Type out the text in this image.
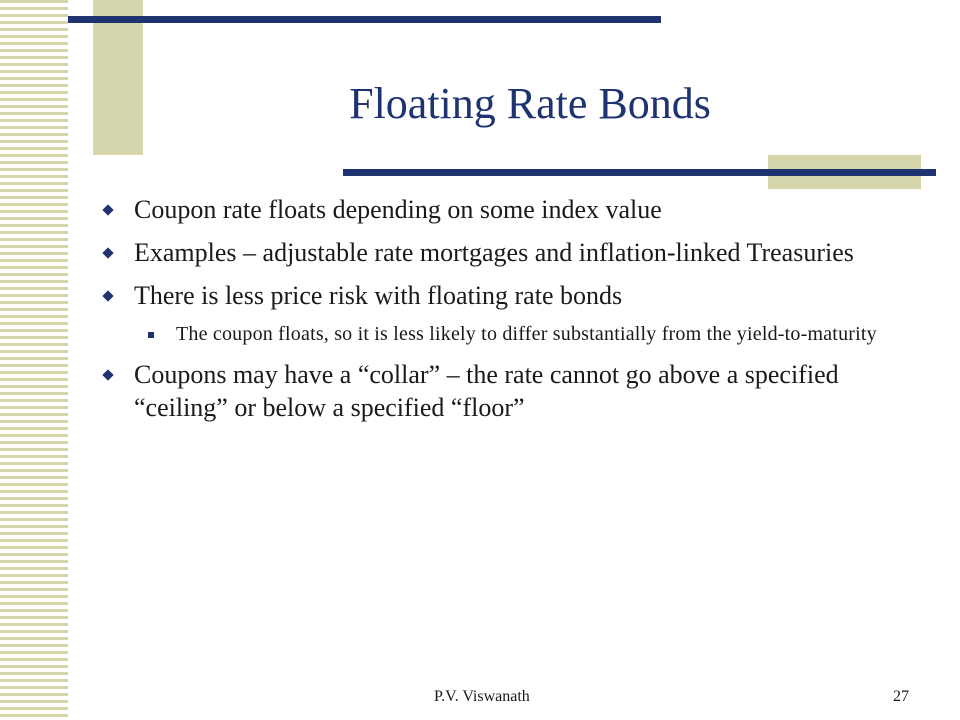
Floating Rate Bonds
Coupon rate floats depending on some index value
Examples – adjustable rate mortgages and inflation-linked Treasuries
There is less price risk with floating rate bonds
The coupon floats, so it is less likely to differ substantially from the yield-to-maturity
Coupons may have a “collar” – the rate cannot go above a specified “ceiling” or below a specified “floor”
P.V. Viswanath	27
